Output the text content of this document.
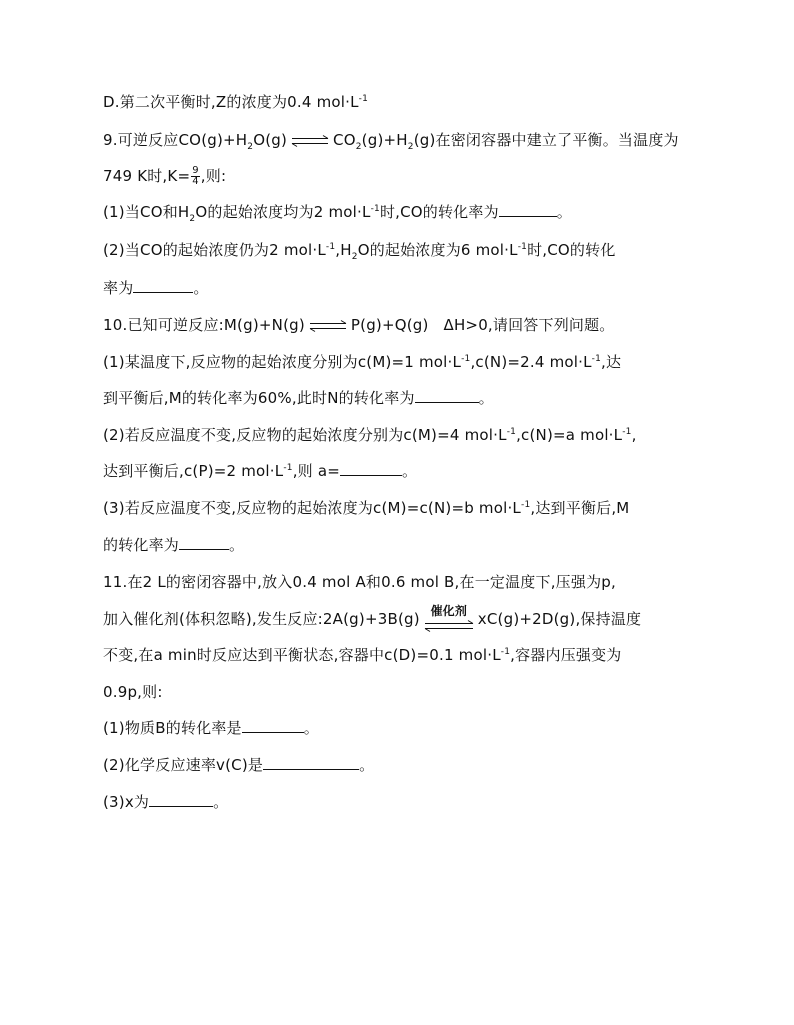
D.第二次平衡时,Z的浓度为0.4 $mol\cdot L^{-1}$
9.可逆反应$CO(g)+H_2O(g)$ ⇌ $CO_2(g)+H_2(g)$在密闭容器中建立了平衡。当温度为
749 K时$,K= \frac{9}{4}$ ,则:
(1)当CO和$H_2O$的起始浓度均为2 $mol\cdot L^{-1}$时,CO的转化率为	。
(2)当CO的起始浓度仍为2 $mol\cdot L^{-1},H_2O$的起始浓度为6 $mol\cdot L^{-1}$时,CO的转化
率为	。
10.已知可逆反应:M(g)+N(g) ⇌ P(g)+Q(g) ΔH>0,请回答下列问题。
(1)某温度下,反应物的起始浓度分别为c(M)=1 $mol\cdot L^{-1},c(N)=2.4$ $mol\cdot L^{-1}$,达
到平衡后,M的转化率为60%,此时N的转化率为	。
(2)若反应温度不变,反应物的起始浓度分别为c(M)=4 $mol\cdot L^{-1},c(N)=a$ $mol\cdot L^{-1}$,
达到平衡后,c(P)=2 $mol\cdot L^{-1}$,则 a=	。
(3)若反应温度不变,反应物的起始浓度为c(M)=c(N)=b $mol\cdot L^{-1}$,达到平衡后,M
的转化率为	。
11.在2 L的密闭容器中,放入0.4 mol A和0.6 mol B,在一定温度下,压强为p,
加入催化剂(体积忽略),发生反应:2A(g)+3B(g) 催化剂 xC(g)+2D(g),保持温度
不变,在a min时反应达到平衡状态,容器中c(D)=0.1 $mol\cdot L^{-1}$,容器内压强变为
0.9p,则:
(1)物质B的转化率是	。
(2)化学反应速率v(C)是	。
(3)x为	。
